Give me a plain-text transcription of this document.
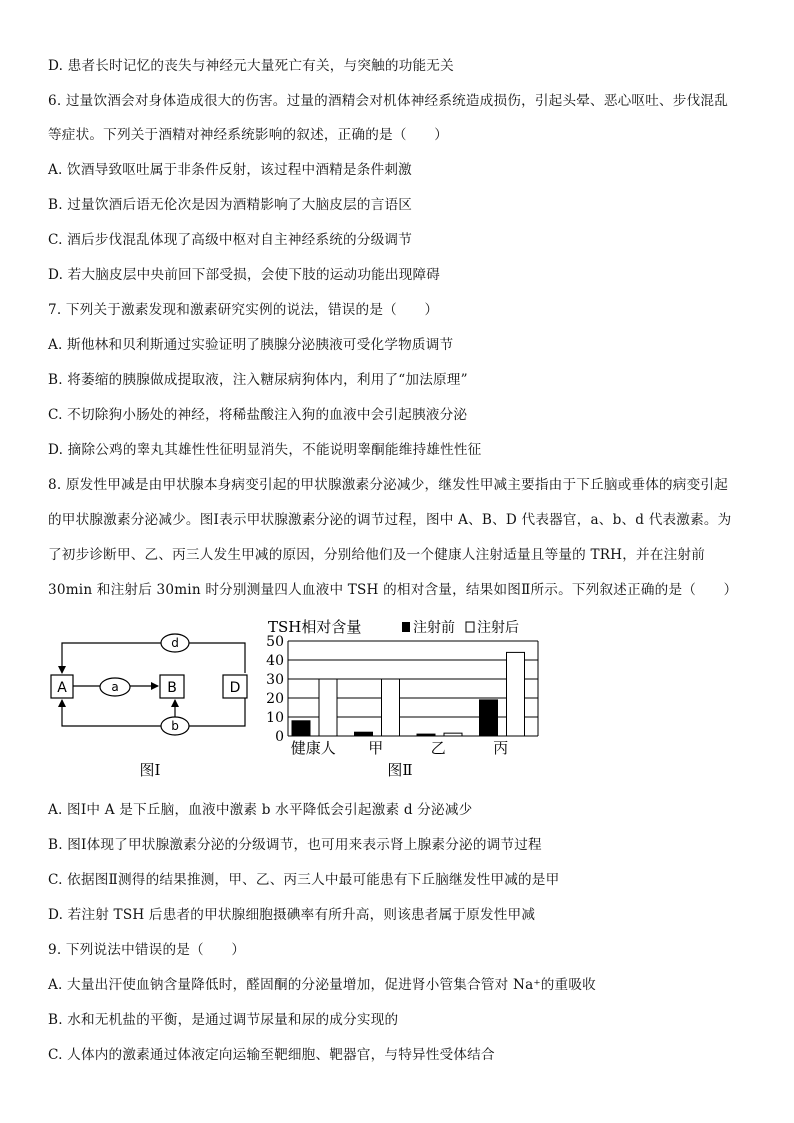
D. 患者长时记忆的丧失与神经元大量死亡有关，与突触的功能无关
6. 过量饮酒会对身体造成很大的伤害。过量的酒精会对机体神经系统造成损伤，引起头晕、恶心呕吐、步伐混乱
等症状。下列关于酒精对神经系统影响的叙述，正确的是（　　）
A. 饮酒导致呕吐属于非条件反射，该过程中酒精是条件刺激
B. 过量饮酒后语无伦次是因为酒精影响了大脑皮层的言语区
C. 酒后步伐混乱体现了高级中枢对自主神经系统的分级调节
D. 若大脑皮层中央前回下部受损，会使下肢的运动功能出现障碍
7. 下列关于激素发现和激素研究实例的说法，错误的是（　　）
A. 斯他林和贝利斯通过实验证明了胰腺分泌胰液可受化学物质调节
B. 将萎缩的胰腺做成提取液，注入糖尿病狗体内，利用了“加法原理”
C. 不切除狗小肠处的神经，将稀盐酸注入狗的血液中会引起胰液分泌
D. 摘除公鸡的睾丸其雄性性征明显消失，不能说明睾酮能维持雄性性征
8. 原发性甲减是由甲状腺本身病变引起的甲状腺激素分泌减少，继发性甲减主要指由于下丘脑或垂体的病变引起
的甲状腺激素分泌减少。图Ⅰ表示甲状腺激素分泌的调节过程，图中 A、B、D 代表器官，a、b、d 代表激素。为
了初步诊断甲、乙、丙三人发生甲减的原因，分别给他们及一个健康人注射适量且等量的 TRH，并在注射前
30min 和注射后 30min 时分别测量四人血液中 TSH 的相对含量，结果如图Ⅱ所示。下列叙述正确的是（　　）
A. 图Ⅰ中 A 是下丘脑，血液中激素 b 水平降低会引起激素 d 分泌减少
B. 图Ⅰ体现了甲状腺激素分泌的分级调节，也可用来表示肾上腺素分泌的调节过程
C. 依据图Ⅱ测得的结果推测，甲、乙、丙三人中最可能患有下丘脑继发性甲减的是甲
D. 若注射 TSH 后患者的甲状腺细胞摄碘率有所升高，则该患者属于原发性甲减
9. 下列说法中错误的是（　　）
A. 大量出汗使血钠含量降低时，醛固酮的分泌量增加，促进肾小管集合管对 Na⁺的重吸收
B. 水和无机盐的平衡，是通过调节尿量和尿的成分实现的
C. 人体内的激素通过体液定向运输至靶细胞、靶器官，与特异性受体结合
A	B	D
a
d
b
图Ⅰ
TSH相对含量	注射前 注射后
0
10
20
30
40
50
健康人 甲	乙	丙
图Ⅱ
